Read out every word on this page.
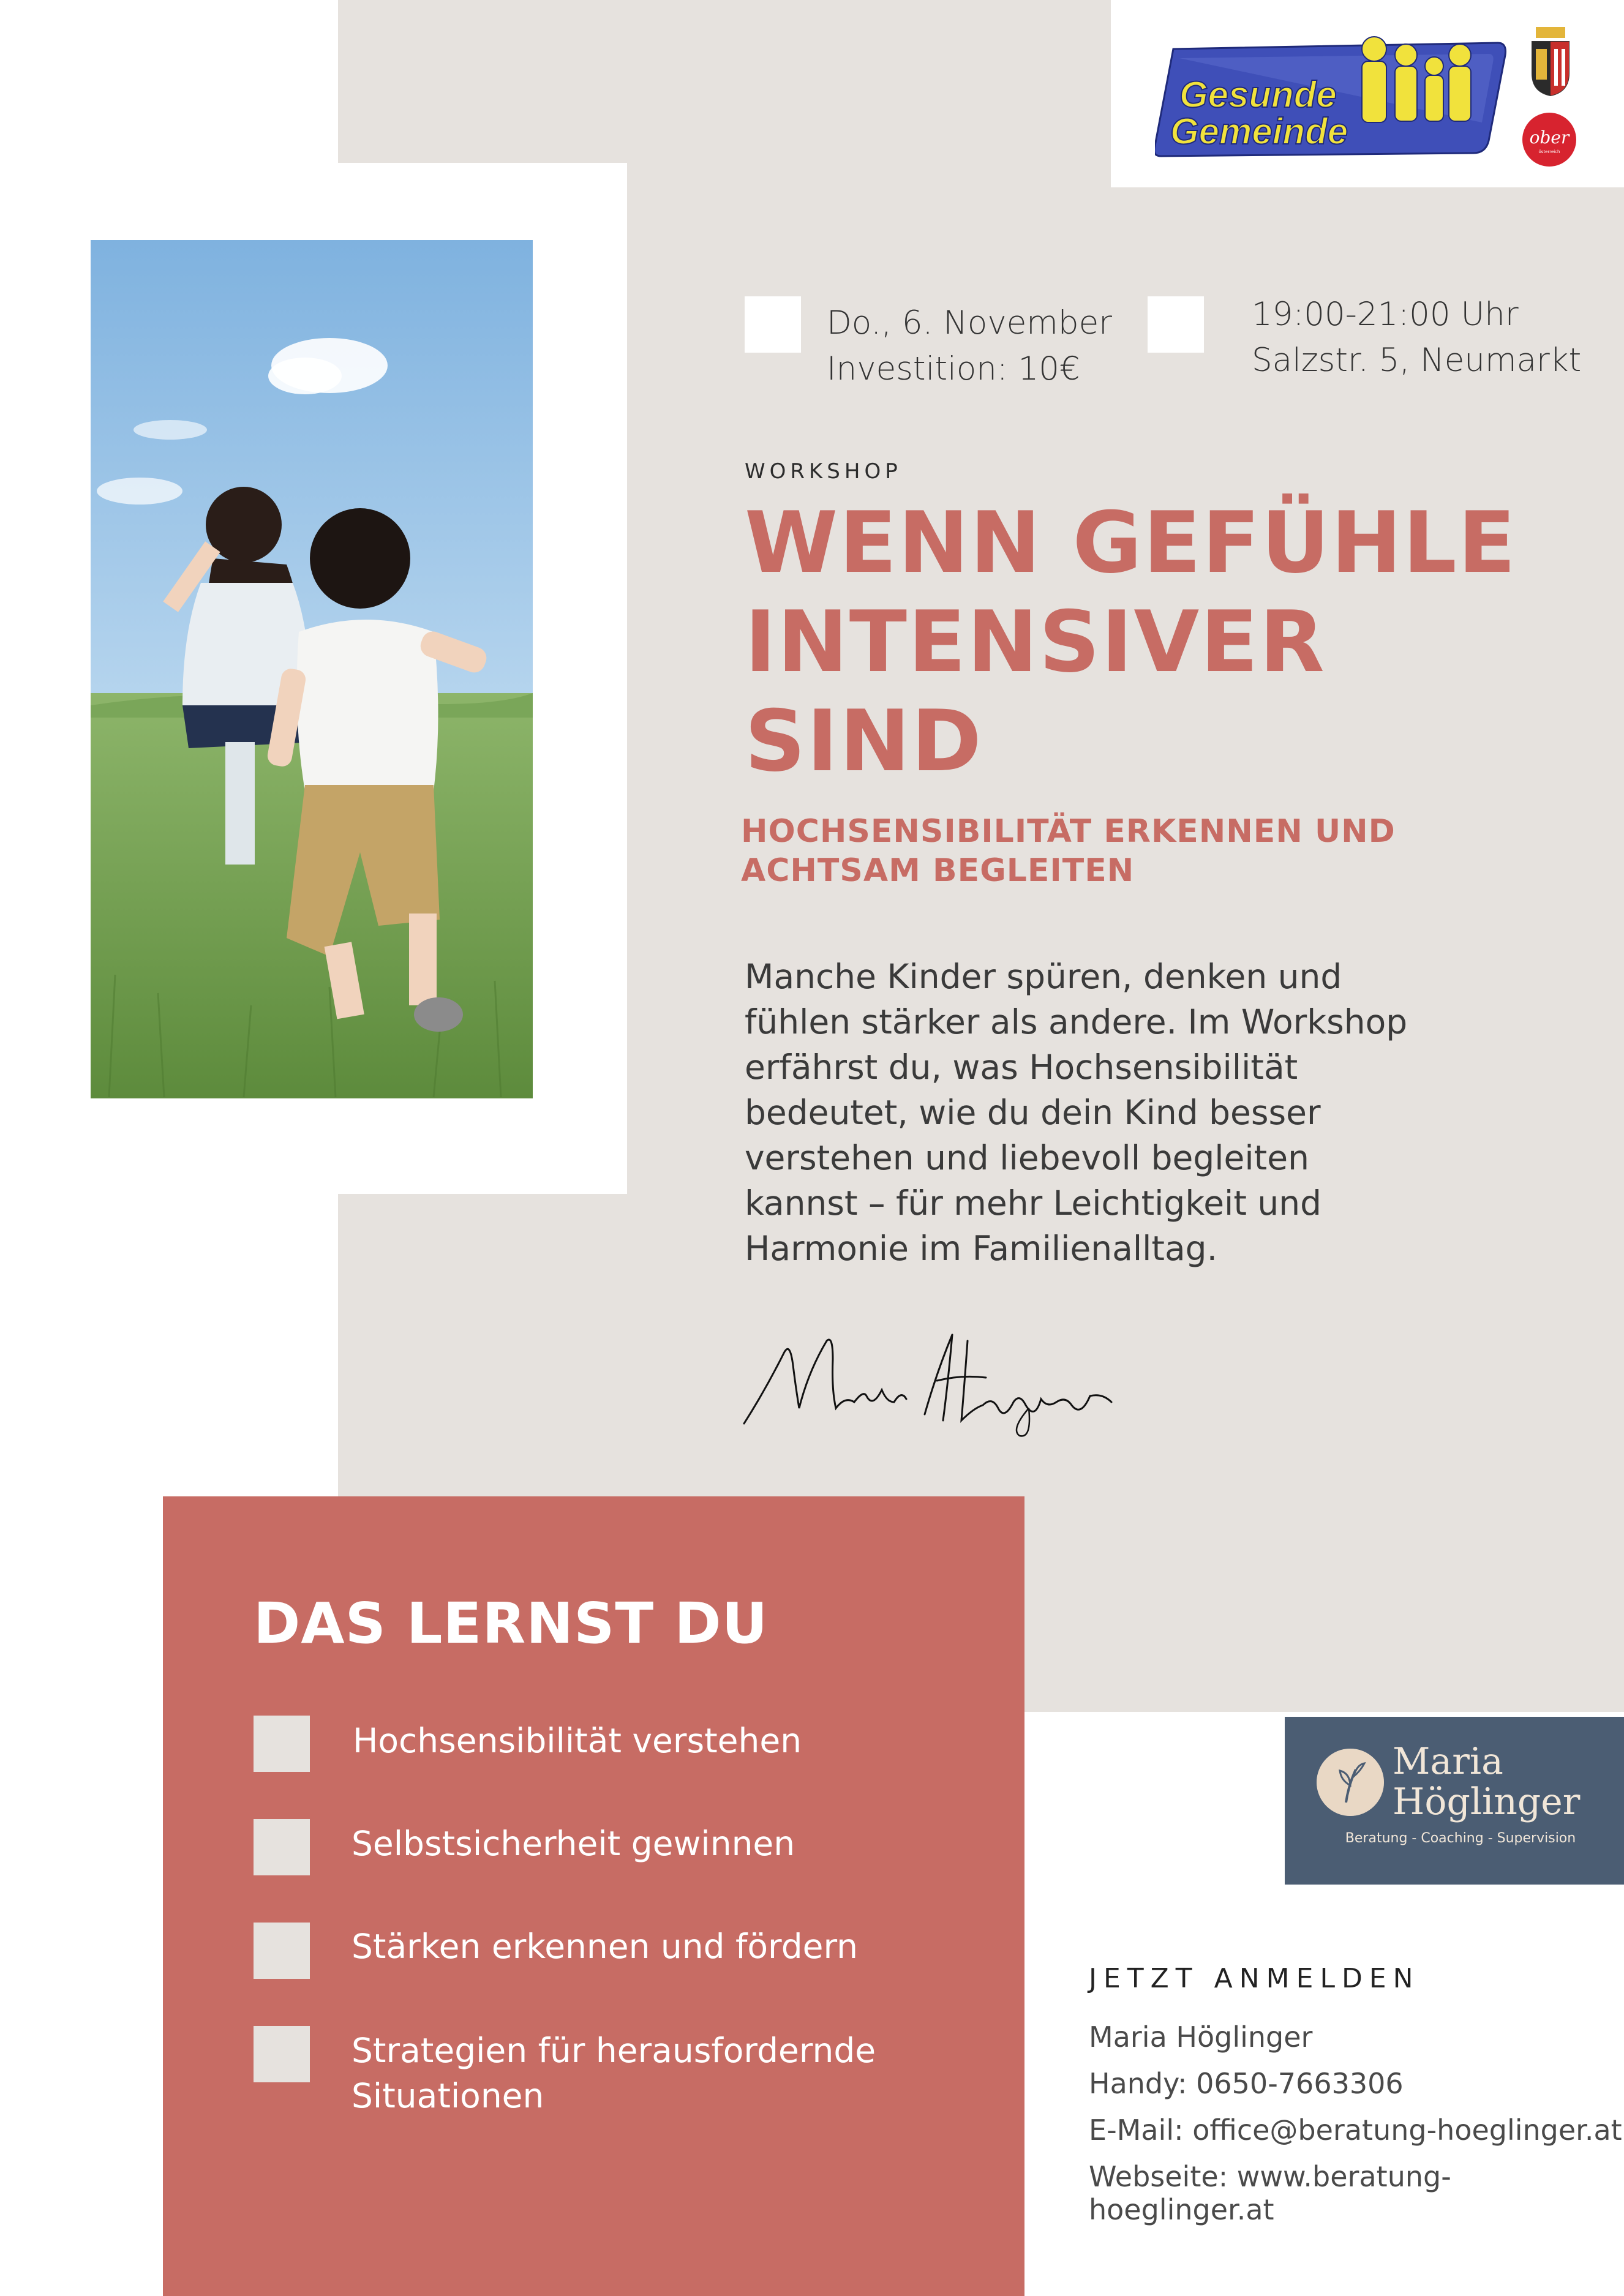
Gesunde
Gemeinde	ober
österreich
Do., 6. November
Investition: 10€
19:00-21:00 Uhr
Salzstr. 5, Neumarkt
WORKSHOP
WENN GEFÜHLE
INTENSIVER
SIND
HOCHSENSIBILITÄT ERKENNEN UND
ACHTSAM BEGLEITEN
Manche Kinder spüren, denken und fühlen stärker als andere. Im Workshop erfährst du, was Hochsensibilität bedeutet, wie du dein Kind besser verstehen und liebevoll begleiten kannst – für mehr Leichtigkeit und Harmonie im Familienalltag.
DAS LERNST DU
Hochsensibilität verstehen
Selbstsicherheit gewinnen
Stärken erkennen und fördern
Strategien für herausfordernde Situationen
Maria
Höglinger
Beratung - Coaching - Supervision
JETZT ANMELDEN
Maria Höglinger
Handy: 0650-7663306
E-Mail: office@beratung-hoeglinger.at
Webseite: www.beratung-hoeglinger.at
